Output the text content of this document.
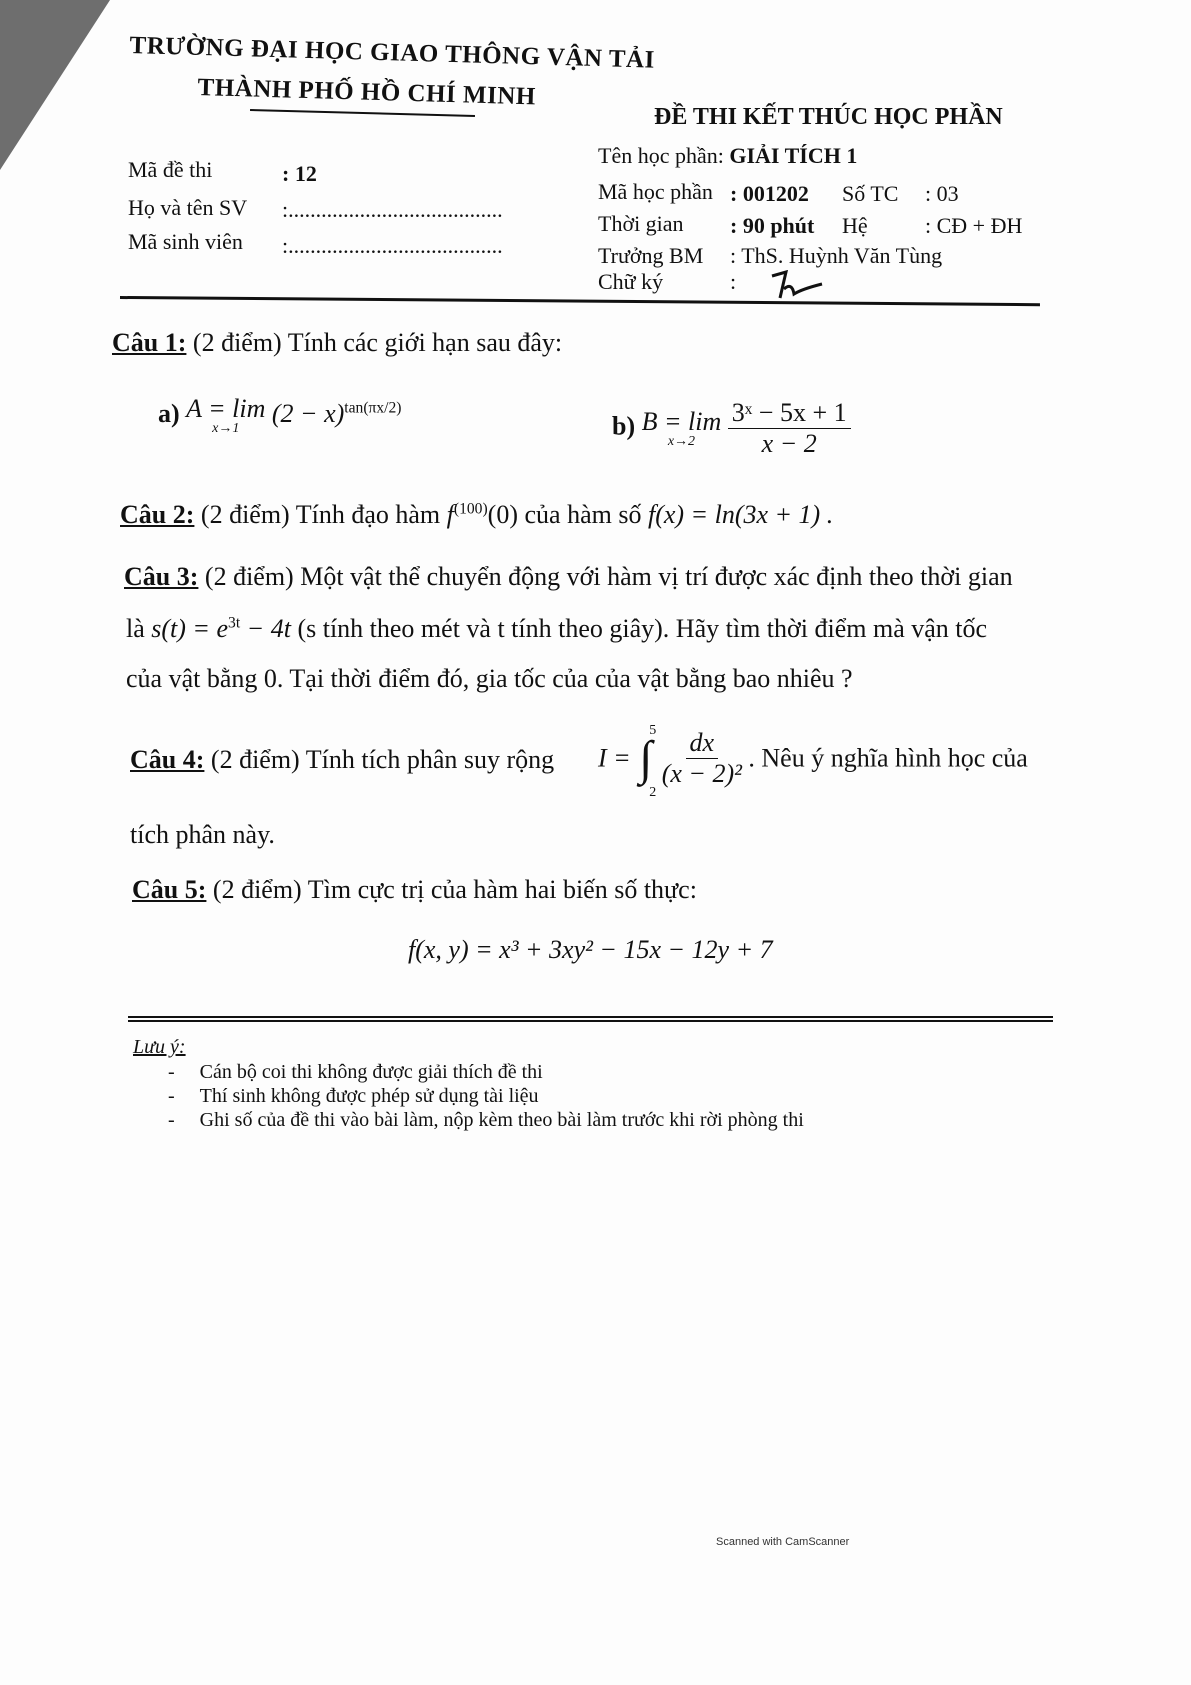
TRƯỜNG ĐẠI HỌC GIAO THÔNG VẬN TẢI
THÀNH PHỐ HỒ CHÍ MINH
ĐỀ THI KẾT THÚC HỌC PHẦN
Mã đề thi	: 12
Họ và tên SV :.......................................
Mã sinh viên :.......................................
Tên học phần: GIẢI TÍCH 1
Mã học phần : 001202 Số TC : 03
Thời gian : 90 phút Hệ	: CĐ + ĐH
Trưởng BM : ThS. Huỳnh Văn Tùng
Chữ ký	:
Câu 1: (2 điểm) Tính các giới hạn sau đây:
a) A = lim
x→1
$(2 - x)^{tan(\pi x/2)}$
b) B = lim
x→2
$\frac{\text{3ˣ − 5x + 1}}{x - 2}$
Câu 2: (2 điểm) Tính đạo hàm $f^{(100)}(0)$ của hàm số f(x) = ln(3x + 1) .
Câu 3: (2 điểm) Một vật thể chuyển động với hàm vị trí được xác định theo thời gian
là $s(t) = e^{3t} - 4t$ (s tính theo mét và t tính theo giây). Hãy tìm thời điểm mà vận tốc
của vật bằng 0. Tại thời điểm đó, gia tốc của của vật bằng bao nhiêu ?
Câu 4: (2 điểm) Tính tích phân suy rộng I = ∫
5
2

$\frac{dx}{\text{(x − 2)²}}$ . Nêu ý nghĩa hình học của
tích phân này.
Câu 5: (2 điểm) Tìm cực trị của hàm hai biến số thực:
f(x, y) = x³ + 3xy² − 15x − 12y + 7
Lưu ý:
-     Cán bộ coi thi không được giải thích đề thi
-     Thí sinh không được phép sử dụng tài liệu
-     Ghi số của đề thi vào bài làm, nộp kèm theo bài làm trước khi rời phòng thi
Scanned with CamScanner
